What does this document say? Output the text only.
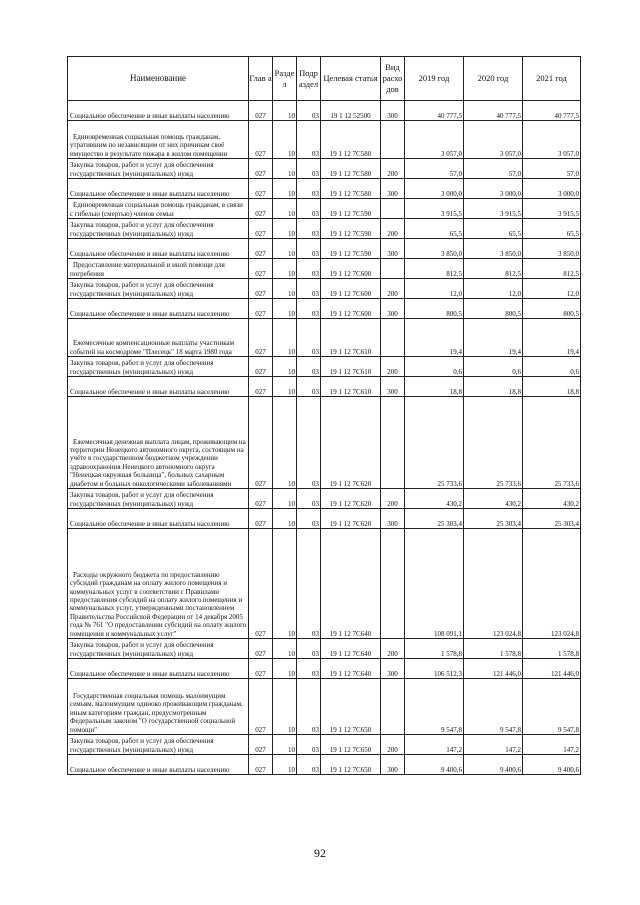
Наименование	Глав а	Разде л	Подр аздел	Целевая статья	Вид расхо дов	2019 год	2020 год	2021 год
Социальное обеспечение и иные выплаты населению	027	10	03	19 1 12 52500	300	40 777,5	40 777,5	40 777,5
Единовременная социальная помощь гражданам, утратившим по независящим от них причинам своё имущество в результате пожара в жилом помещении	027	10	03	19 1 12 7C580		3 057,0	3 057,0	3 057,0
Закупка товаров, работ и услуг для обеспечения государственных (муниципальных) нужд	027	10	03	19 1 12 7C580	200	57,0	57,0	57,0
Социальное обеспечение и иные выплаты населению	027	10	03	19 1 12 7C580	300	3 000,0	3 000,0	3 000,0
Единовременная социальная помощь гражданам, в связи с гибелью (смертью) членов семьи	027	10	03	19 1 12 7C590		3 915,5	3 915,5	3 915,5
Закупка товаров, работ и услуг для обеспечения государственных (муниципальных) нужд	027	10	03	19 1 12 7C590	200	65,5	65,5	65,5
Социальное обеспечение и иные выплаты населению	027	10	03	19 1 12 7C590	300	3 850,0	3 850,0	3 850,0
Предоставление материальной и иной помощи для погребения	027	10	03	19 1 12 7C600		812,5	812,5	812,5
Закупка товаров, работ и услуг для обеспечения государственных (муниципальных) нужд	027	10	03	19 1 12 7C600	200	12,0	12,0	12,0
Социальное обеспечение и иные выплаты населению	027	10	03	19 1 12 7C600	300	800,5	800,5	800,5
Ежемесячные компенсационные выплаты участникам событий на космодроме "Плесецк" 18 марта 1980 года	027	10	03	19 1 12 7C610		19,4	19,4	19,4
Закупка товаров, работ и услуг для обеспечения государственных (муниципальных) нужд	027	10	03	19 1 12 7C610	200	0,6	0,6	0,6
Социальное обеспечение и иные выплаты населению	027	10	03	19 1 12 7C610	300	18,8	18,8	18,8
Ежемесячная денежная выплата лицам, проживающим на территории Ненецкого автономного округа, состоящим на учёте в государственном бюджетном учреждении здравоохранения Ненецкого автономного округа "Ненецкая окружная больница", больных сахарным диабетом и больных онкологическими заболеваниями	027	10	03	19 1 12 7C620		25 733,6	25 733,6	25 733,6
Закупка товаров, работ и услуг для обеспечения государственных (муниципальных) нужд	027	10	03	19 1 12 7C620	200	430,2	430,2	430,2
Социальное обеспечение и иные выплаты населению	027	10	03	19 1 12 7C620	300	25 303,4	25 303,4	25 303,4
Расходы окружного бюджета по предоставлению субсидий гражданам на оплату жилого помещения и коммунальных услуг в соответствии с Правилами предоставления субсидий на оплату жилого помещения и коммунальных услуг, утвержденными постановлением Правительства Российской Федерации от 14 декабря 2005 года № 761 "О предоставлении субсидий на оплату жилого помещения и коммунальных услуг"	027	10	03	19 1 12 7C640		108 091,1	123 024,8	123 024,8
Закупка товаров, работ и услуг для обеспечения государственных (муниципальных) нужд	027	10	03	19 1 12 7C640	200	1 578,8	1 578,8	1 578,8
Социальное обеспечение и иные выплаты населению	027	10	03	19 1 12 7C640	300	106 512,3	121 446,0	121 446,0
Государственная социальная помощь малоимущим семьям, малоимущим одиноко проживающим гражданам, иным категориям граждан, предусмотренным Федеральным законом "О государственной социальной помощи"	027	10	03	19 1 12 7C650		9 547,8	9 547,8	9 547,8
Закупка товаров, работ и услуг для обеспечения государственных (муниципальных) нужд	027	10	03	19 1 12 7C650	200	147,2	147,2	147,2
Социальное обеспечение и иные выплаты населению	027	10	03	19 1 12 7C650	300	9 400,6	9 400,6	9 400,6
92
